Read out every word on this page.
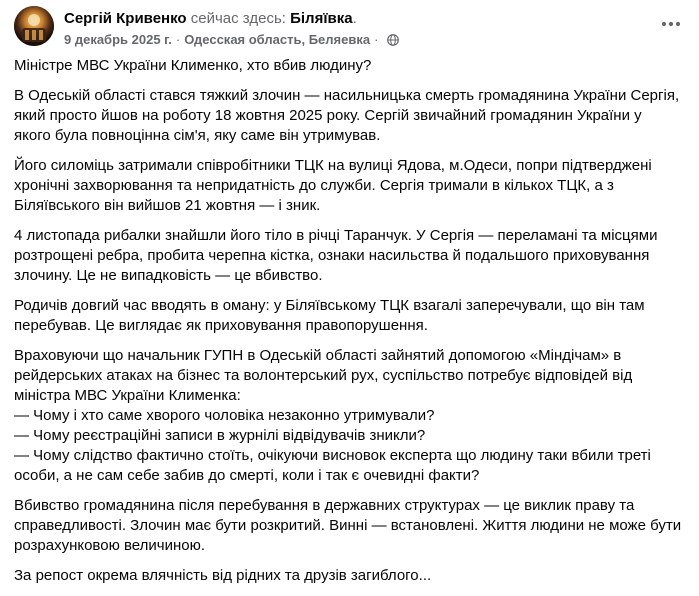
Сергій Кривенко сейчас здесь: Біляївка.
9 декабрь 2025 г. · Одесская область, Беляевка ·

Міністре МВС України Клименко, хто вбив людину?

В Одеській області стався тяжкий злочин — насильницька смерть громадянина України Сергія, який просто йшов на роботу 18 жовтня 2025 року. Сергій звичайний громадянин України у якого була повноцінна сім'я, яку саме він утримував.

Його силоміць затримали співробітники ТЦК на вулиці Ядова, м.Одеси, попри підтверджені хронічні захворювання та непридатність до служби. Сергія тримали в кількох ТЦК, а з Біляївського він вийшов 21 жовтня — і зник.

4 листопада рибалки знайшли його тіло в річці Таранчук. У Сергія — переламані та місцями розтрощені ребра, пробита черепна кістка, ознаки насильства й подальшого приховування злочину. Це не випадковість — це вбивство.

Родичів довгий час вводять в оману: у Біляївському ТЦК взагалі заперечували, що він там перебував. Це виглядає як приховування правопорушення.

Враховуючи що начальник ГУПН в Одеській області зайнятий допомогою «Міндічам» в рейдерських атаках на бізнес та волонтерський рух, суспільство потребує відповідей від міністра МВС України Клименка:

— Чому і хто саме хворого чоловіка незаконно утримували?

— Чому реєстраційні записи в журнілі відвідувачів зникли?

— Чому слідство фактично стоїть, очікуючи висновок експерта що людину таки вбили треті особи, а не сам себе забив до смерті, коли і так є очевидні факти?

Вбивство громадянина після перебування в державних структурах — це виклик праву та справедливості. Злочин має бути розкритий. Винні — встановлені. Життя людини не може бути розрахунковою величиною.

За репост окрема влячність від рідних та друзів загиблого...
